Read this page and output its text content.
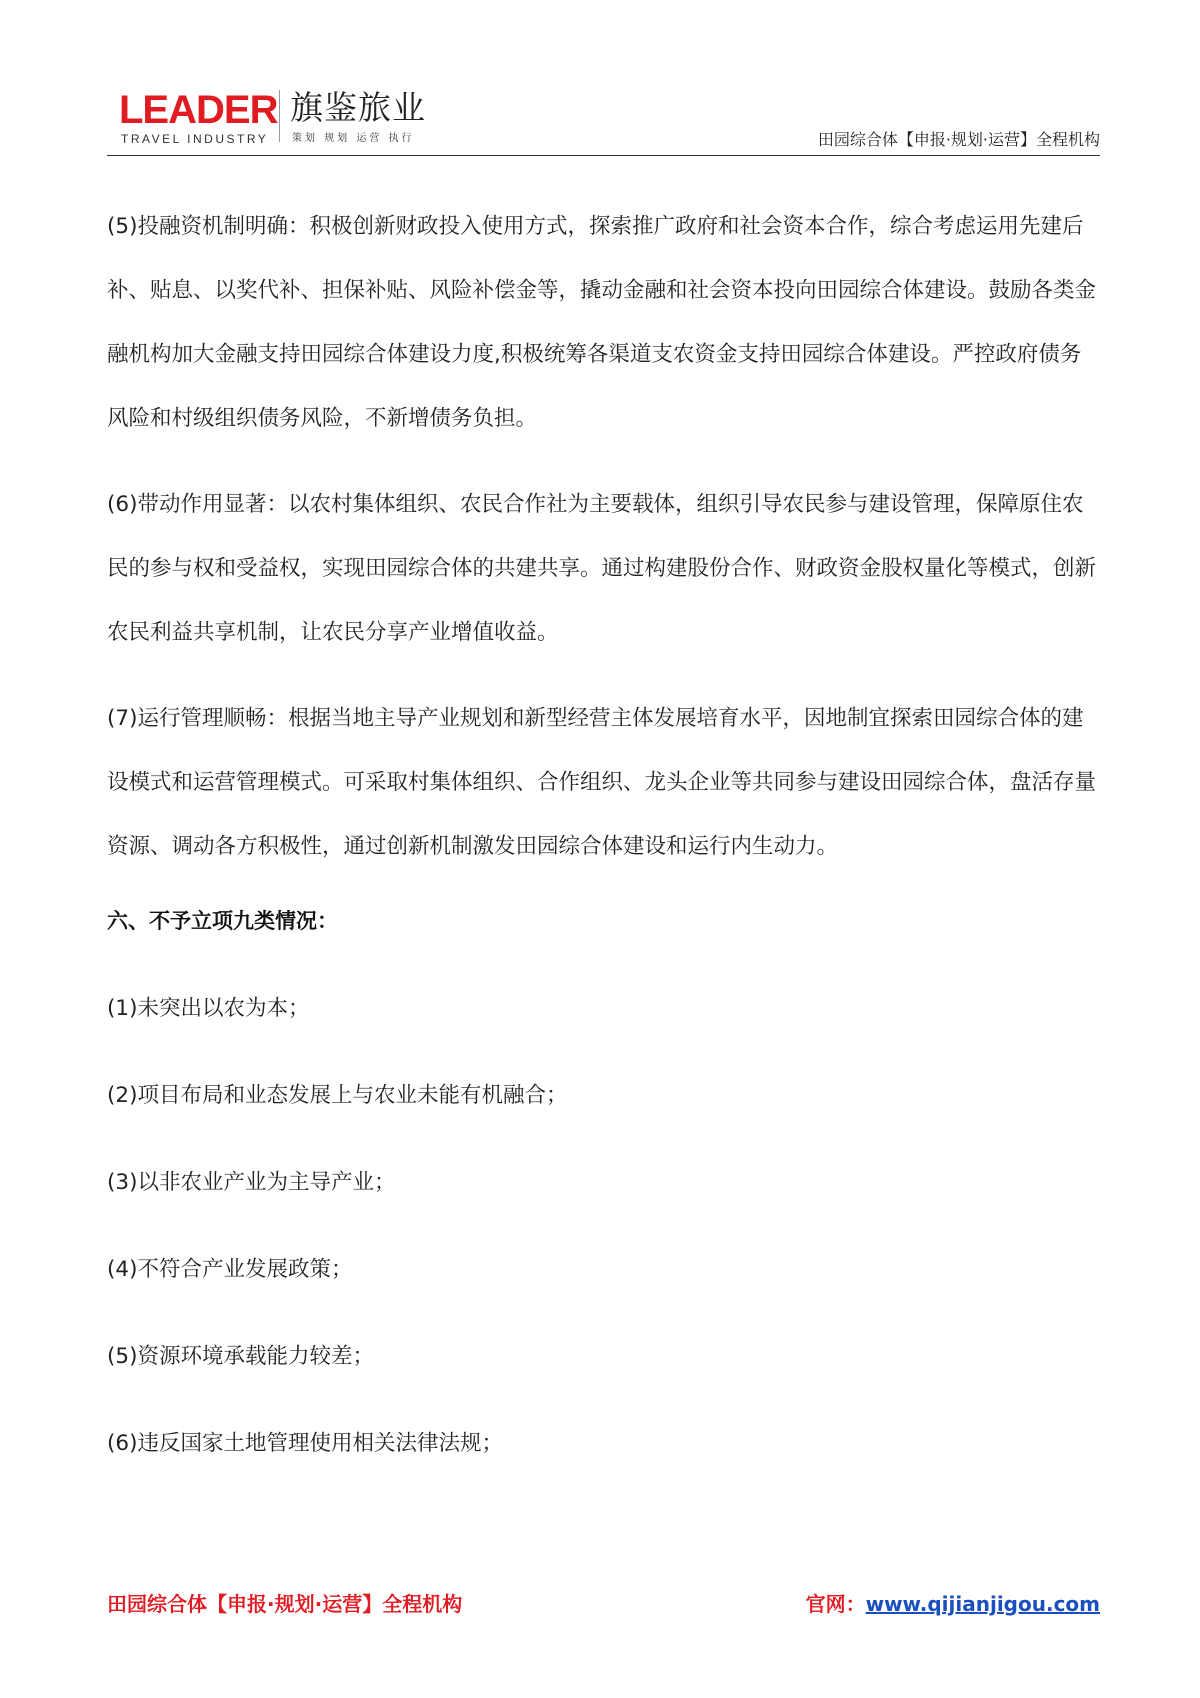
LEADER
TRAVEL INDUSTRY
旗鉴旅业
策划 规划 运营 执行	田园综合体【申报·规划·运营】全程机构

(5)投融资机制明确：积极创新财政投入使用方式，探索推广政府和社会资本合作，综合考虑运用先建后补、贴息、以奖代补、担保补贴、风险补偿金等，撬动金融和社会资本投向田园综合体建设。鼓励各类金融机构加大金融支持田园综合体建设力度,积极统筹各渠道支农资金支持田园综合体建设。严控政府债务风险和村级组织债务风险，不新增债务负担。

(6)带动作用显著：以农村集体组织、农民合作社为主要载体，组织引导农民参与建设管理，保障原住农民的参与权和受益权，实现田园综合体的共建共享。通过构建股份合作、财政资金股权量化等模式，创新农民利益共享机制，让农民分享产业增值收益。

(7)运行管理顺畅：根据当地主导产业规划和新型经营主体发展培育水平，因地制宜探索田园综合体的建设模式和运营管理模式。可采取村集体组织、合作组织、龙头企业等共同参与建设田园综合体，盘活存量资源、调动各方积极性，通过创新机制激发田园综合体建设和运行内生动力。

六、不予立项九类情况：
(1)未突出以农为本；
(2)项目布局和业态发展上与农业未能有机融合；
(3)以非农业产业为主导产业；
(4)不符合产业发展政策；
(5)资源环境承载能力较差；
(6)违反国家土地管理使用相关法律法规；
田园综合体【申报·规划·运营】全程机构	官网：www.qijianjigou.com
